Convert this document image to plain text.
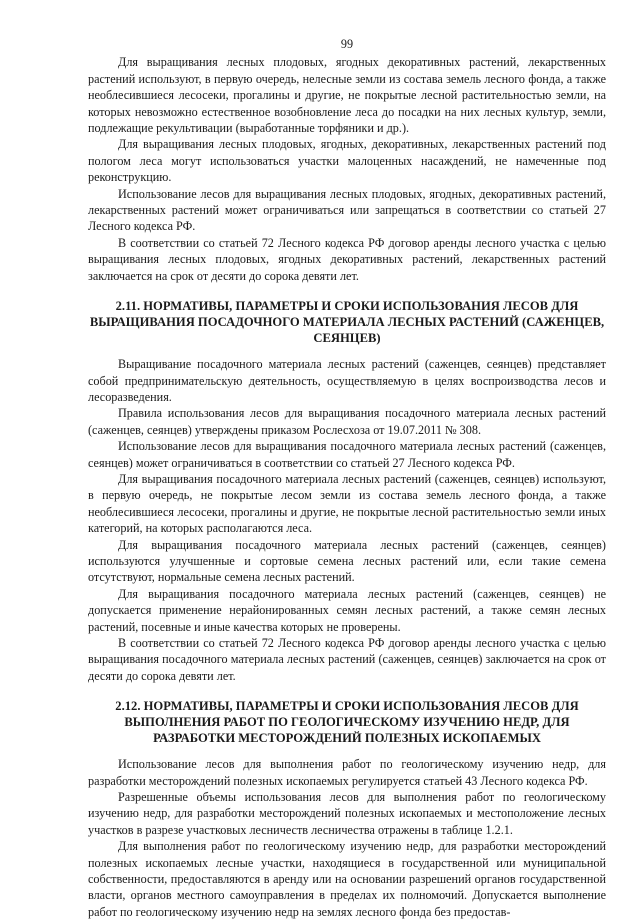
99

Для выращивания лесных плодовых, ягодных декоративных растений, лекарственных растений используют, в первую очередь, нелесные земли из состава земель лесного фонда, а также необлесившиеся лесосеки, прогалины и другие, не покрытые лесной растительностью земли, на которых невозможно естественное возобновление леса до посадки на них лесных культур, земли, подлежащие рекультивации (выработанные торфяники и др.).

Для выращивания лесных плодовых, ягодных, декоративных, лекарственных растений под пологом леса могут использоваться участки малоценных насаждений, не намеченные под реконструкцию.

Использование лесов для выращивания лесных плодовых, ягодных, декоративных растений, лекарственных растений может ограничиваться или запрещаться в соответствии со статьей 27 Лесного кодекса РФ.

В соответствии со статьей 72 Лесного кодекса РФ договор аренды лесного участка с целью выращивания лесных плодовых, ягодных декоративных растений, лекарственных растений заключается на срок от десяти до сорока девяти лет.

2.11. НОРМАТИВЫ, ПАРАМЕТРЫ И СРОКИ ИСПОЛЬЗОВАНИЯ ЛЕСОВ ДЛЯ ВЫРАЩИВАНИЯ ПОСАДОЧНОГО МАТЕРИАЛА ЛЕСНЫХ РАСТЕНИЙ (САЖЕНЦЕВ, СЕЯНЦЕВ)

Выращивание посадочного материала лесных растений (саженцев, сеянцев) представляет собой предпринимательскую деятельность, осуществляемую в целях воспроизводства лесов и лесоразведения.

Правила использования лесов для выращивания посадочного материала лесных растений (саженцев, сеянцев) утверждены приказом Рослесхоза от 19.07.2011 № 308.

Использование лесов для выращивания посадочного материала лесных растений (саженцев, сеянцев) может ограничиваться в соответствии со статьей 27 Лесного кодекса РФ.

Для выращивания посадочного материала лесных растений (саженцев, сеянцев) используют, в первую очередь, не покрытые лесом земли из состава земель лесного фонда, а также необлесившиеся лесосеки, прогалины и другие, не покрытые лесной растительностью земли иных категорий, на которых располагаются леса.

Для выращивания посадочного материала лесных растений (саженцев, сеянцев) используются улучшенные и сортовые семена лесных растений или, если такие семена отсутствуют, нормальные семена лесных растений.

Для выращивания посадочного материала лесных растений (саженцев, сеянцев) не допускается применение нерайонированных семян лесных растений, а также семян лесных растений, посевные и иные качества которых не проверены.

В соответствии со статьей 72 Лесного кодекса РФ договор аренды лесного участка с целью выращивания посадочного материала лесных растений (саженцев, сеянцев) заключается на срок от десяти до сорока девяти лет.

2.12. НОРМАТИВЫ, ПАРАМЕТРЫ И СРОКИ ИСПОЛЬЗОВАНИЯ ЛЕСОВ ДЛЯ ВЫПОЛНЕНИЯ РАБОТ ПО ГЕОЛОГИЧЕСКОМУ ИЗУЧЕНИЮ НЕДР, ДЛЯ РАЗРАБОТКИ МЕСТОРОЖДЕНИЙ ПОЛЕЗНЫХ ИСКОПАЕМЫХ

Использование лесов для выполнения работ по геологическому изучению недр, для разработки месторождений полезных ископаемых регулируется статьей 43 Лесного кодекса РФ.

Разрешенные объемы использования лесов для выполнения работ по геологическому изучению недр, для разработки месторождений полезных ископаемых и местоположение лесных участков в разрезе участковых лесничеств лесничества отражены в таблице 1.2.1.

Для выполнения работ по геологическому изучению недр, для разработки месторождений полезных ископаемых лесные участки, находящиеся в государственной или муниципальной собственности, предоставляются в аренду или на основании разрешений органов государственной власти, органов местного самоуправления в пределах их полномочий. Допускается выполнение работ по геологическому изучению недр на землях лесного фонда без предостав-
